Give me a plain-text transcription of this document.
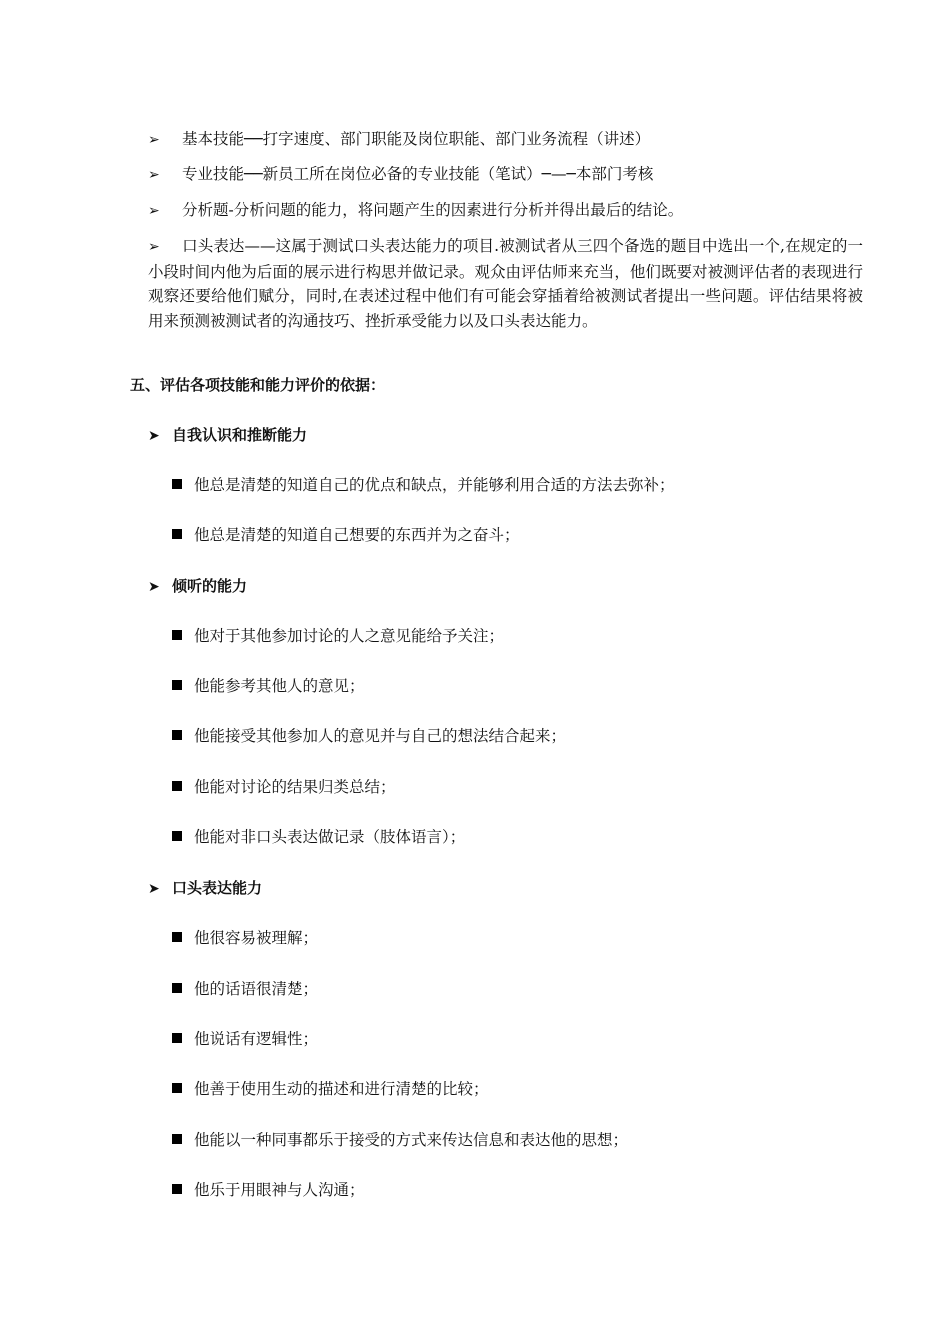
➢ 基本技能──打字速度、部门职能及岗位职能、部门业务流程（讲述）
➢ 专业技能──新员工所在岗位必备的专业技能（笔试）─—─本部门考核
➢ 分析题-分析问题的能力，将问题产生的因素进行分析并得出最后的结论。
➢ 口头表达——这属于测试口头表达能力的项目.被测试者从三四个备选的题目中选出一个,在规定的一小段时间内他为后面的展示进行构思并做记录。观众由评估师来充当，他们既要对被测评估者的表现进行观察还要给他们赋分，同时,在表述过程中他们有可能会穿插着给被测试者提出一些问题。评估结果将被用来预测被测试者的沟通技巧、挫折承受能力以及口头表达能力。
五、评估各项技能和能力评价的依据：
➤ 自我认识和推断能力
他总是清楚的知道自己的优点和缺点，并能够利用合适的方法去弥补；
他总是清楚的知道自己想要的东西并为之奋斗；
➤ 倾听的能力
他对于其他参加讨论的人之意见能给予关注；
他能参考其他人的意见；
他能接受其他参加人的意见并与自己的想法结合起来；
他能对讨论的结果归类总结；
他能对非口头表达做记录（肢体语言）；
➤ 口头表达能力
他很容易被理解；
他的话语很清楚；
他说话有逻辑性；
他善于使用生动的描述和进行清楚的比较；
他能以一种同事都乐于接受的方式来传达信息和表达他的思想；
他乐于用眼神与人沟通；
